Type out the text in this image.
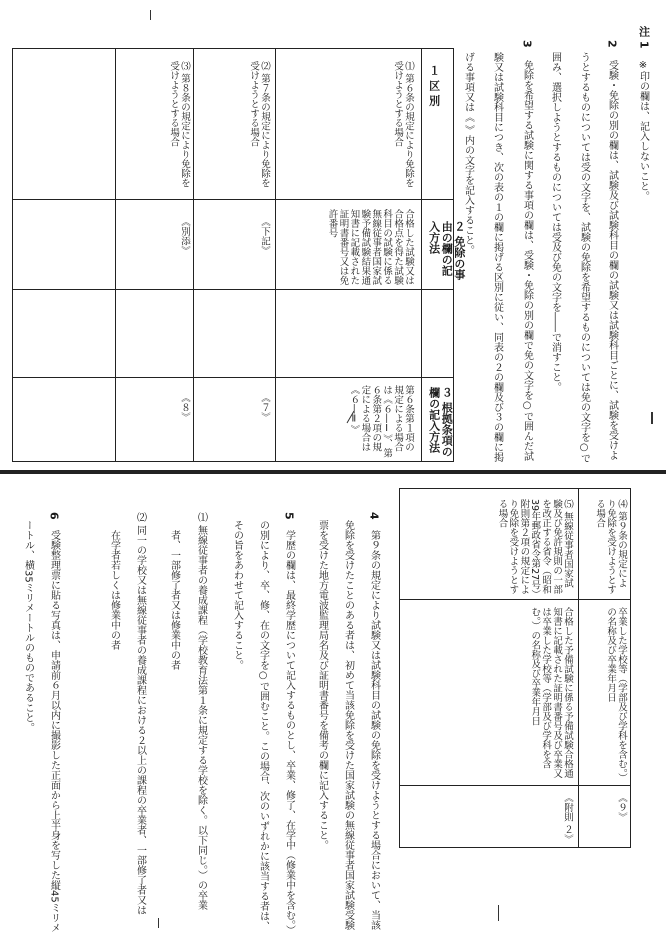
注 1
※印の欄は、記入しないこと。
2
受験・免除の別の欄は、試験及び試験科目の欄の試験又は試験科目ごとに、試験を受けよ
うとするものについては受の文字を、試験の免除を希望するものについては免の文字を○で
囲み、選択しようとするものについては受及び免の文字を――で消すこと。
3
免除を希望する試験に関する事項の欄は、受験・免除の別の欄で免の文字を○で囲んだ試
験又は試験科目につき、次の表の１の欄に掲げる区別に従い、同表の２の欄及び３の欄に掲
げる事項又は《 》内の文字を記入すること。
１ 区 別
２ 免除の事由の欄の記入方法
３ 根拠条項の欄の記入方法
⑴ 第６条の規定により免除を受けようとする場合
合格した試験又は合格点を得た試験科目の試験に係る無線従事者国家試験予備試験結果通知書に記載された証明書番号又は免許番号
第６条第１項の規定による場合は《６―Ⅰ》、第６条第２項の規定による場合は《６―Ⅱ》
⑵ 第７条の規定により免除を受けようとする場合
《下記》
《７》
⑶ 第８条の規定により免除を受けようとする場合
《別添》
《８》
⑷ 第９条の規定により免除を受けようとする場合
卒業した学校等（学部及び学科を含む。）の名称及び卒業年月日
《９》
⑸ 無線従事者国家試験及び免許規則の一部を改正する省令（昭和39年郵政省令第27号）附則第２項の規定により免除を受けようとする場合
合格した予備試験に係る予備試験合格通知書に記載された証明書番号及び卒業又は卒業した学校等（学部及び学科を含む。）の名称及び卒業年月日
《附則 ２》
4
第９条の規定により試験又は試験科目の試験の免除を受けようとする場合において、当該
免除を受けたことのある者は、初めて当該免除を受けた国家試験の無線従事者国家試験受験
票を受けた地方電波監理局名及び証明書番号を備考の欄に記入すること。
5
学歴の欄は、最終学歴について記入するものとし、卒業、修了、在学中（修業中を含む。）
の別により、卒、修、在の文字を○で囲むこと。この場合、次のいずれかに該当する者は、
その旨をあわせて記入すること。
⑴ 無線従事者の養成課程（学校教育法第１条に規定する学校を除く。以下同じ。）の卒業
者、一部修了者又は修業中の者
⑵ 同一の学校又は無線従事者の養成課程における２以上の課程の卒業者、一部修了者又は
在学者若しくは修業中の者
6
受験整理票に貼る写真は、申請前６月以内に撮影した正面から上半身を写した縦45ミリメ
ートル、横35ミリメートルのものであること。
